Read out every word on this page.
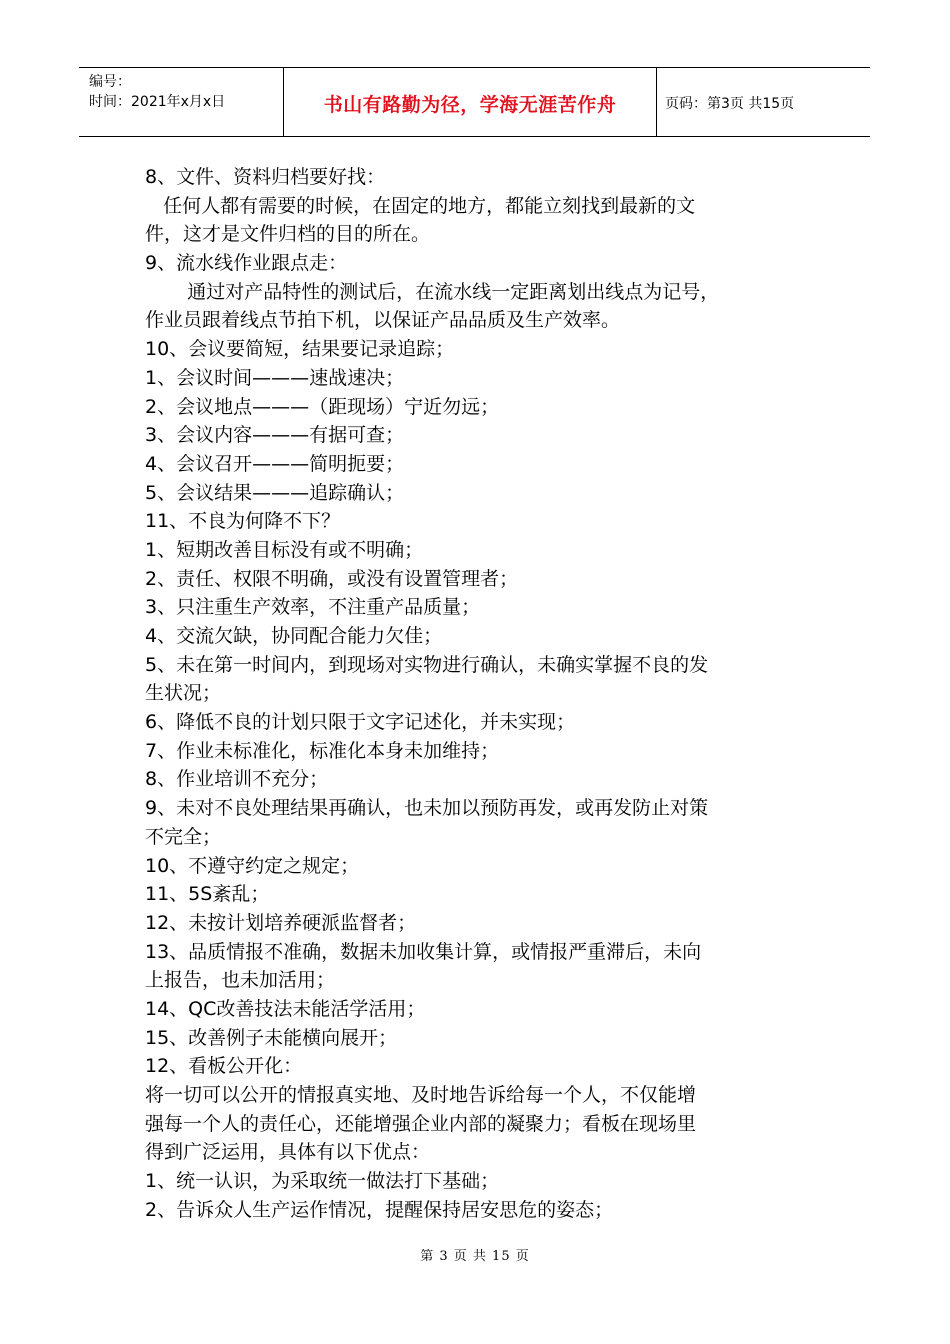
编号：
时间：2021年x月x日	书山有路勤为径，学海无涯苦作舟	页码：第3页 共15页
8、文件、资料归档要好找：
任何人都有需要的时候，在固定的地方，都能立刻找到最新的文
件，这才是文件归档的目的所在。
9、流水线作业跟点走：
通过对产品特性的测试后，在流水线一定距离划出线点为记号，
作业员跟着线点节拍下机，以保证产品品质及生产效率。
10、会议要简短，结果要记录追踪；
1、会议时间———速战速决；
2、会议地点———（距现场）宁近勿远；
3、会议内容———有据可查；
4、会议召开———简明扼要；
5、会议结果———追踪确认；
11、不良为何降不下？
1、短期改善目标没有或不明确；
2、责任、权限不明确，或没有设置管理者；
3、只注重生产效率，不注重产品质量；
4、交流欠缺，协同配合能力欠佳；
5、未在第一时间内，到现场对实物进行确认，未确实掌握不良的发
生状况；
6、降低不良的计划只限于文字记述化，并未实现；
7、作业未标准化，标准化本身未加维持；
8、作业培训不充分；
9、未对不良处理结果再确认，也未加以预防再发，或再发防止对策
不完全；
10、不遵守约定之规定；
11、5S紊乱；
12、未按计划培养硬派监督者；
13、品质情报不准确，数据未加收集计算，或情报严重滞后，未向
上报告，也未加活用；
14、QC改善技法未能活学活用；
15、改善例子未能横向展开；
12、看板公开化：
将一切可以公开的情报真实地、及时地告诉给每一个人，不仅能增
强每一个人的责任心，还能增强企业内部的凝聚力；看板在现场里
得到广泛运用，具体有以下优点：
1、统一认识，为采取统一做法打下基础；
2、告诉众人生产运作情况，提醒保持居安思危的姿态；
第 3 页 共 15 页
